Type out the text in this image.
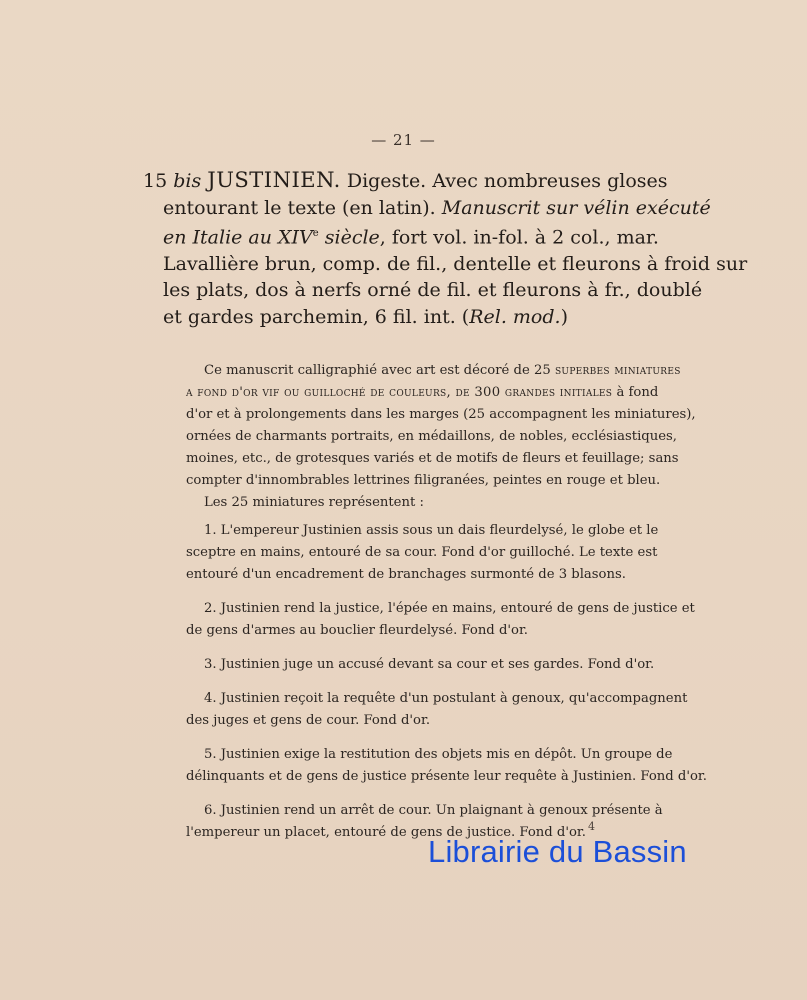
— 21 —
15 bis JUSTINIEN. Digeste. Avec nombreuses gloses
entourant le texte (en latin). Manuscrit sur vélin exécuté
en Italie au XIVe siècle, fort vol. in-fol. à 2 col., mar.
Lavallière brun, comp. de fil., dentelle et fleurons à froid sur
les plats, dos à nerfs orné de fil. et fleurons à fr., doublé
et gardes parchemin, 6 fil. int. (Rel. mod.)
Ce manuscrit calligraphié avec art est décoré de 25 superbes miniatures
a fond d'or vif ou guilloché de couleurs, de 300 grandes initiales à fond
d'or et à prolongements dans les marges (25 accompagnent les miniatures),
ornées de charmants portraits, en médaillons, de nobles, ecclésiastiques,
moines, etc., de grotesques variés et de motifs de fleurs et feuillage; sans
compter d'innombrables lettrines filigranées, peintes en rouge et bleu.
Les 25 miniatures représentent :
1. L'empereur Justinien assis sous un dais fleurdelysé, le globe et le
sceptre en mains, entouré de sa cour. Fond d'or guilloché. Le texte est
entouré d'un encadrement de branchages surmonté de 3 blasons.
2. Justinien rend la justice, l'épée en mains, entouré de gens de justice et
de gens d'armes au bouclier fleurdelysé. Fond d'or.
3. Justinien juge un accusé devant sa cour et ses gardes. Fond d'or.
4. Justinien reçoit la requête d'un postulant à genoux, qu'accompagnent
des juges et gens de cour. Fond d'or.
5. Justinien exige la restitution des objets mis en dépôt. Un groupe de
délinquants et de gens de justice présente leur requête à Justinien. Fond d'or.
6. Justinien rend un arrêt de cour. Un plaignant à genoux présente à
l'empereur un placet, entouré de gens de justice. Fond d'or. 4
Librairie du Bassin
